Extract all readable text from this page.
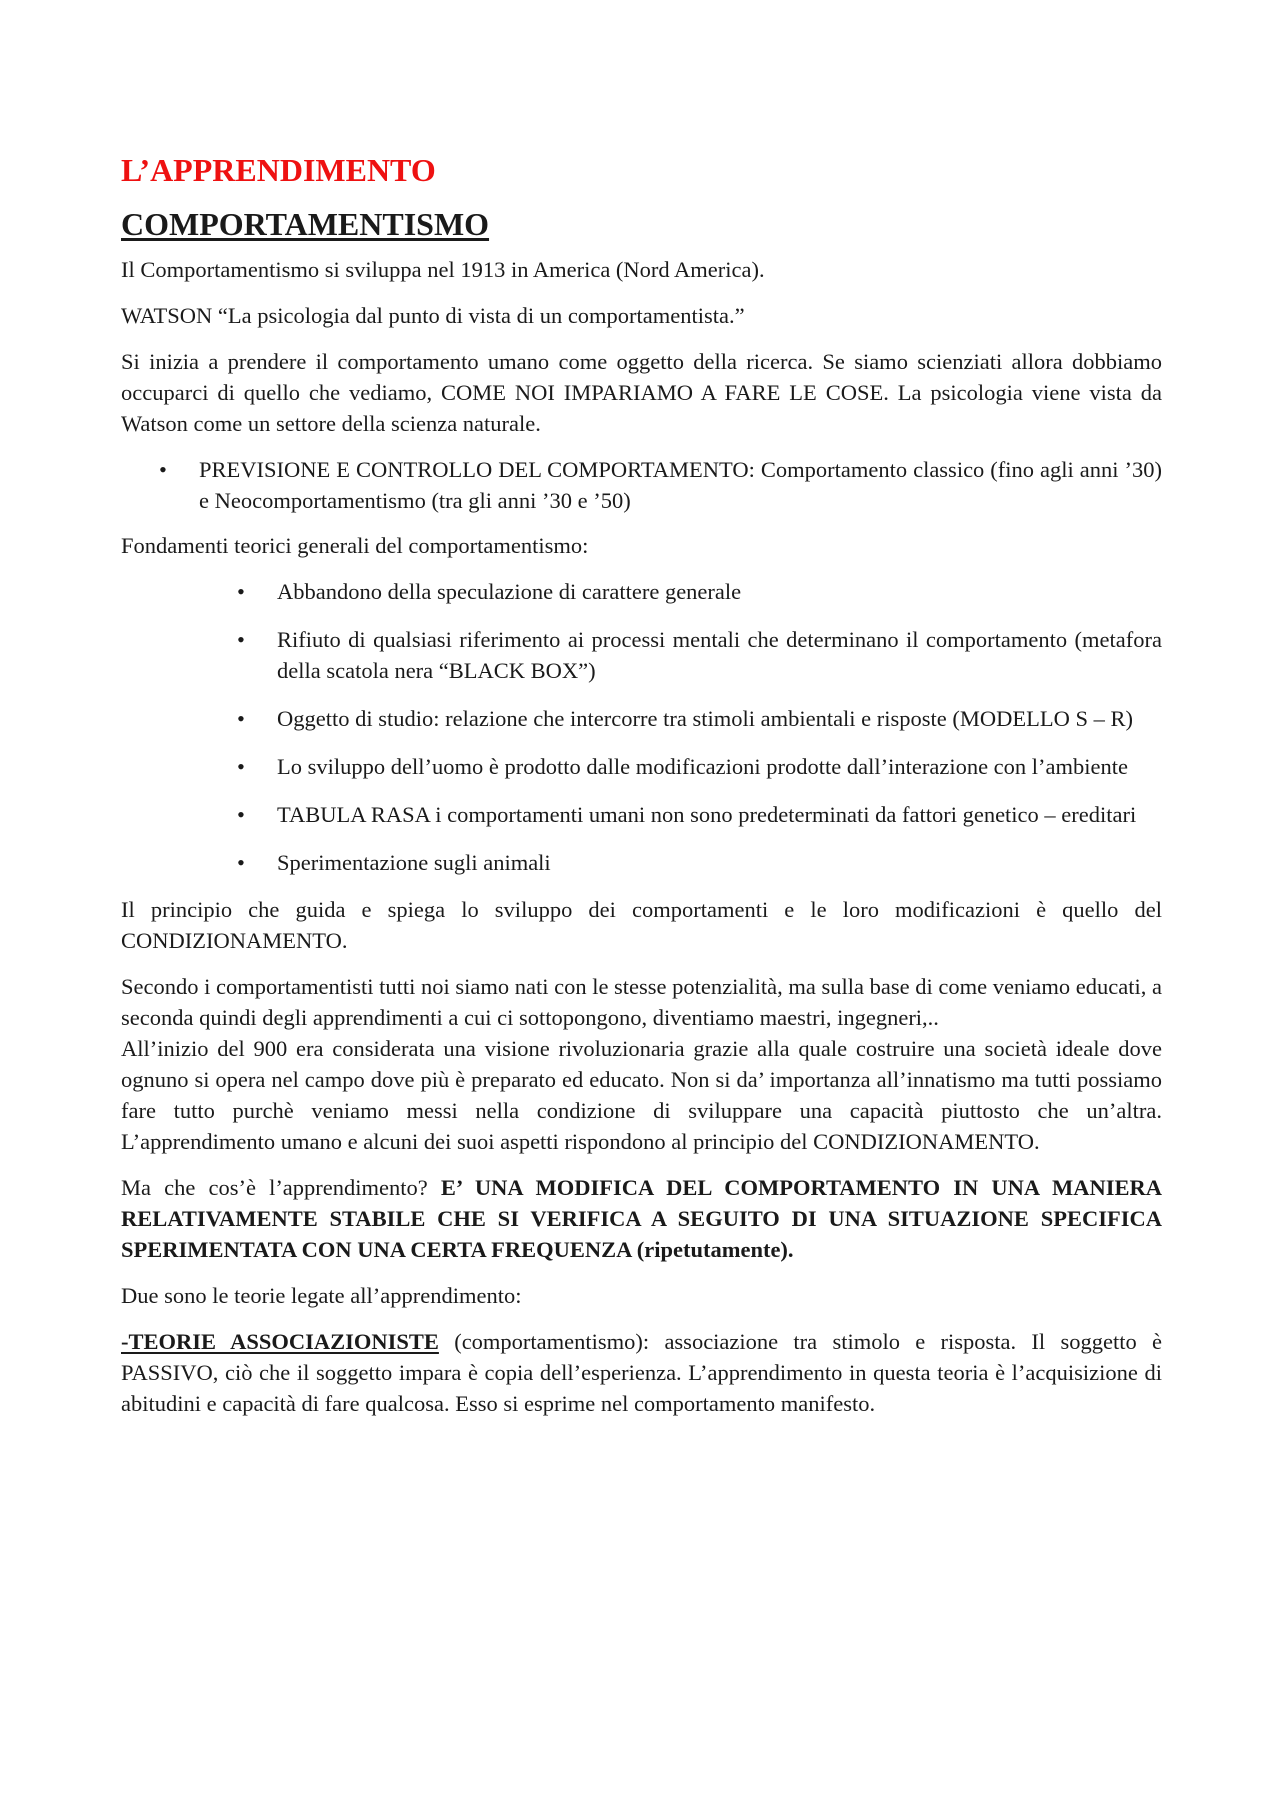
L’APPRENDIMENTO
COMPORTAMENTISMO

Il Comportamentismo si sviluppa nel 1913 in America (Nord America).

WATSON “La psicologia dal punto di vista di un comportamentista.”

Si inizia a prendere il comportamento umano come oggetto della ricerca. Se siamo scienziati allora dobbiamo occuparci di quello che vediamo, COME NOI IMPARIAMO A FARE LE COSE. La psicologia viene vista da Watson come un settore della scienza naturale.

• PREVISIONE E CONTROLLO DEL COMPORTAMENTO: Comportamento classico (fino agli anni ’30) e Neocomportamentismo (tra gli anni ’30 e ’50)

Fondamenti teorici generali del comportamentismo:

• Abbandono della speculazione di carattere generale
• Rifiuto di qualsiasi riferimento ai processi mentali che determinano il comportamento (metafora della scatola nera “BLACK BOX”)
• Oggetto di studio: relazione che intercorre tra stimoli ambientali e risposte (MODELLO S – R)
• Lo sviluppo dell’uomo è prodotto dalle modificazioni prodotte dall’interazione con l’ambiente
• TABULA RASA i comportamenti umani non sono predeterminati da fattori genetico – ereditari
• Sperimentazione sugli animali

Il principio che guida e spiega lo sviluppo dei comportamenti e le loro modificazioni è quello del CONDIZIONAMENTO.

Secondo i comportamentisti tutti noi siamo nati con le stesse potenzialità, ma sulla base di come veniamo educati, a seconda quindi degli apprendimenti a cui ci sottopongono, diventiamo maestri, ingegneri,..

All’inizio del 900 era considerata una visione rivoluzionaria grazie alla quale costruire una società ideale dove ognuno si opera nel campo dove più è preparato ed educato. Non si da’ importanza all’innatismo ma tutti possiamo fare tutto purchè veniamo messi nella condizione di sviluppare una capacità piuttosto che un’altra. L’apprendimento umano e alcuni dei suoi aspetti rispondono al principio del CONDIZIONAMENTO.

Ma che cos’è l’apprendimento? E’ UNA MODIFICA DEL COMPORTAMENTO IN UNA MANIERA RELATIVAMENTE STABILE CHE SI VERIFICA A SEGUITO DI UNA SITUAZIONE SPECIFICA SPERIMENTATA CON UNA CERTA FREQUENZA (ripetutamente).

Due sono le teorie legate all’apprendimento:

-TEORIE ASSOCIAZIONISTE (comportamentismo): associazione tra stimolo e risposta. Il soggetto è PASSIVO, ciò che il soggetto impara è copia dell’esperienza. L’apprendimento in questa teoria è l’acquisizione di abitudini e capacità di fare qualcosa. Esso si esprime nel comportamento manifesto.
